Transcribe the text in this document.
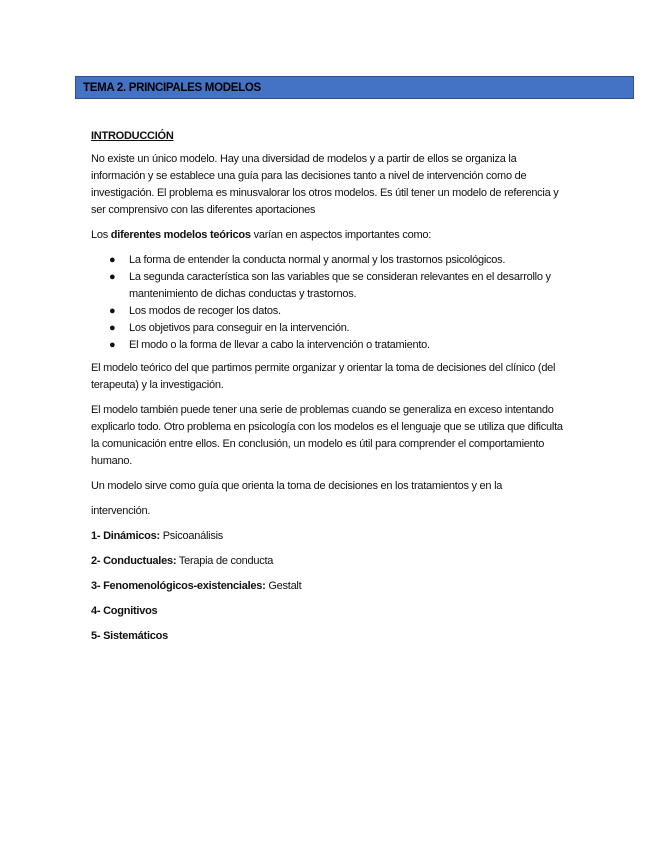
TEMA 2. PRINCIPALES MODELOS
INTRODUCCIÓN

No existe un único modelo. Hay una diversidad de modelos y a partir de ellos se organiza la información y se establece una guía para las decisiones tanto a nivel de intervención como de investigación. El problema es minusvalorar los otros modelos. Es útil tener un modelo de referencia y ser comprensivo con las diferentes aportaciones

Los diferentes modelos teóricos varían en aspectos importantes como:

● La forma de entender la conducta normal y anormal y los trastornos psicológicos.
● La segunda característica son las variables que se consideran relevantes en el desarrollo y mantenimiento de dichas conductas y trastornos.
● Los modos de recoger los datos.
● Los objetivos para conseguir en la intervención.
● El modo o la forma de llevar a cabo la intervención o tratamiento.

El modelo teórico del que partimos permite organizar y orientar la toma de decisiones del clínico (del terapeuta) y la investigación.

El modelo también puede tener una serie de problemas cuando se generaliza en exceso intentando explicarlo todo. Otro problema en psicología con los modelos es el lenguaje que se utiliza que dificulta la comunicación entre ellos. En conclusión, un modelo es útil para comprender el comportamiento humano.

Un modelo sirve como guía que orienta la toma de decisiones en los tratamientos y en la

intervención.

1- Dinámicos: Psicoanálisis
2- Conductuales: Terapia de conducta
3- Fenomenológicos-existenciales: Gestalt
4- Cognitivos
5- Sistemáticos
